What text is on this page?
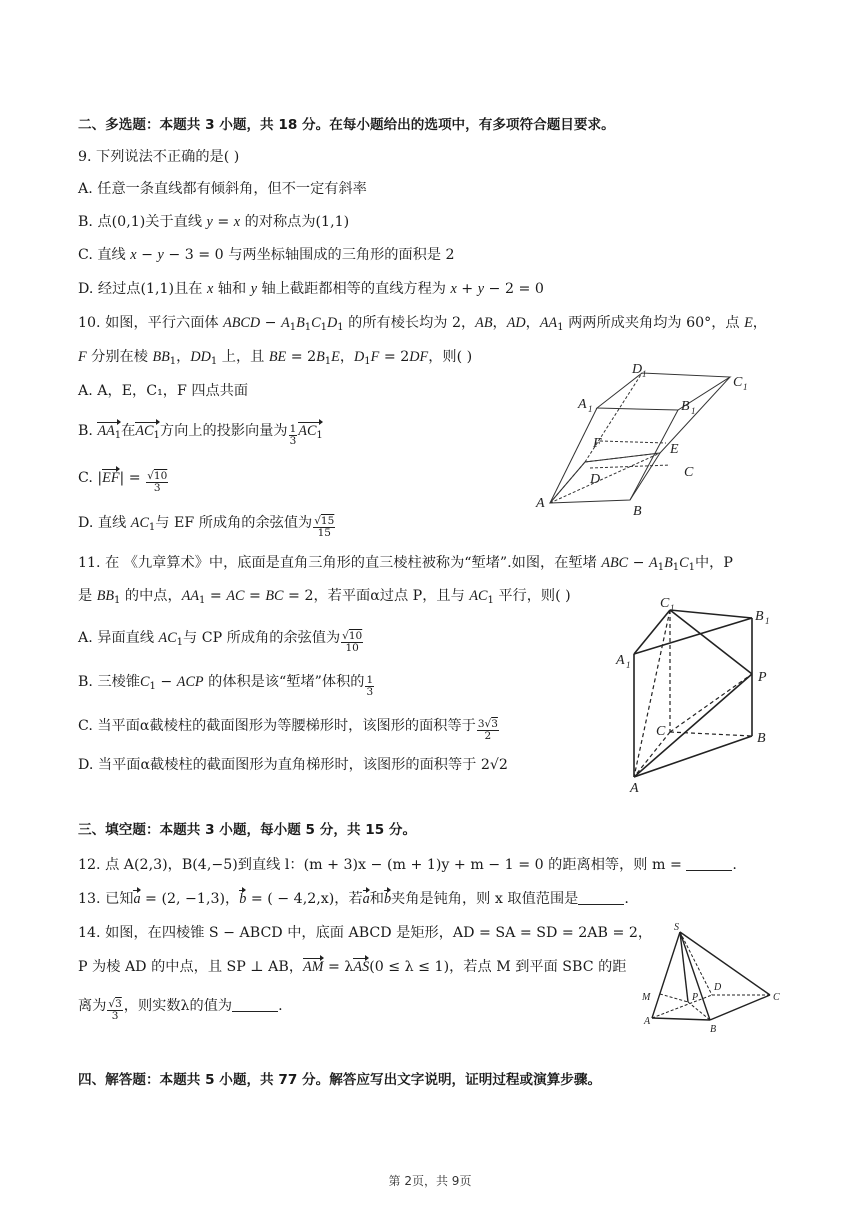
二、多选题：本题共 3 小题，共 18 分。在每小题给出的选项中，有多项符合题目要求。
9. 下列说法不正确的是( )
A. 任意一条直线都有倾斜角，但不一定有斜率
B. 点(0,1)关于直线 y = x 的对称点为(1,1)
C. 直线 x − y − 3 = 0 与两坐标轴围成的三角形的面积是 2
D. 经过点(1,1)且在 x 轴和 y 轴上截距都相等的直线方程为 x + y − 2 = 0
10. 如图，平行六面体 ABCD − $A_1B_1C_1D_1$ 的所有棱长均为 2，AB，AD，$AA_1$ 两两所成夹角均为 60°，点 E，
F 分别在棱 $BB_1$，$DD_1$ 上，且 BE = $2B_1E$，$D_1F = 2DF$，则( )
A. A，E，C₁，F 四点共面
B. $AA_1$在$AC_1$方向上的投影向量为 $\frac{1}{3} AC_1$
C. $|EF| = \frac{√10}{3}$
D. 直线 $AC_1$与 EF 所成角的余弦值为 $\frac{√15}{15}$
A
B
C
D
A 1	B 1
C 1
D 1
E
F
11. 在 《九章算术》中，底面是直角三角形的直三棱柱被称为“堑堵”.如图，在堑堵 ABC − $A_1B_1C_1$中，P
是 $BB_1$ 的中点，$AA_1$ = AC = BC = 2，若平面α过点 P，且与 $AC_1$ 平行，则( )
A. 异面直线 $AC_1$与 CP 所成角的余弦值为 $\frac{√10}{10}$
B. 三棱锥$C_1$ − ACP 的体积是该“堑堵”体积的 $\frac{1}{3}$
C. 当平面α截棱柱的截面图形为等腰梯形时，该图形的面积等于 $\frac{3√3}{2}$
D. 当平面α截棱柱的截面图形为直角梯形时，该图形的面积等于 2√2
A
B
C
A 1
B 1
C 1
P
三、填空题：本题共 3 小题，每小题 5 分，共 15 分。
12. 点 A(2,3)，B(4,−5)到直线 l：(m + 3)x − (m + 1)y + m − 1 = 0 的距离相等，则 m =	.
13. 已知a = (2, −1,3)，b = ( − 4,2,x)，若a和b夹角是钝角，则 x 取值范围是	.
14. 如图，在四棱锥 S − ABCD 中，底面 ABCD 是矩形，AD = SA = SD = 2AB = 2，
P 为棱 AD 的中点，且 SP ⊥ AB，AM = λAS(0 ≤ λ ≤ 1)，若点 M 到平面 SBC 的距
离为 $\frac{√3}{3}$ ，则实数λ的值为	.
S
A
B
C
D
M	P
四、解答题：本题共 5 小题，共 77 分。解答应写出文字说明，证明过程或演算步骤。
第 2页，共 9页
